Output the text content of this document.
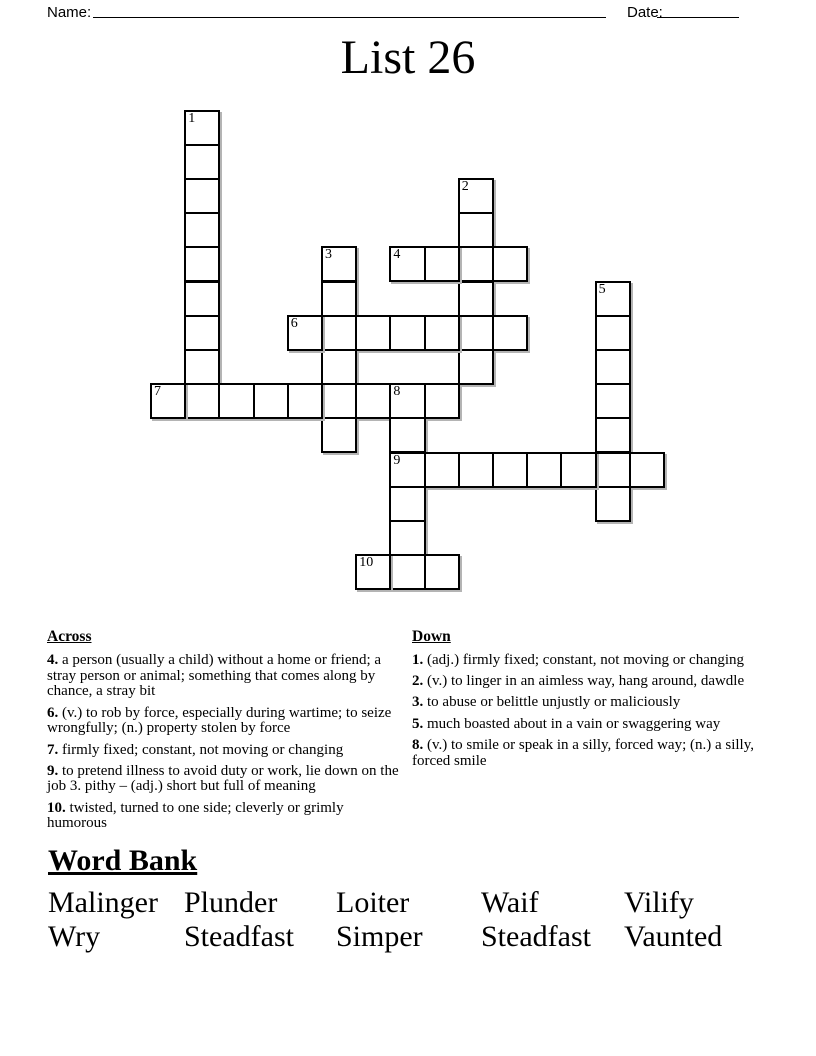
Name:	Date:
List 26
1
2
3	4
5
6
7	8
9
10
Across

4. a person (usually a child) without a home or friend; a stray person or animal; something that comes along by chance, a stray bit

6. (v.) to rob by force, especially during wartime; to seize wrongfully; (n.) property stolen by force

7. firmly fixed; constant, not moving or changing

9. to pretend illness to avoid duty or work, lie down on the job 3. pithy – (adj.) short but full of meaning

10. twisted, turned to one side; cleverly or grimly humorous

Down

1. (adj.) firmly fixed; constant, not moving or changing

2. (v.) to linger in an aimless way, hang around, dawdle

3. to abuse or belittle unjustly or maliciously

5. much boasted about in a vain or swaggering way

8. (v.) to smile or speak in a silly, forced way; (n.) a silly, forced smile

Word Bank
Malinger Plunder Loiter Waif	Vilify
Wry	Steadfast Simper Steadfast Vaunted
